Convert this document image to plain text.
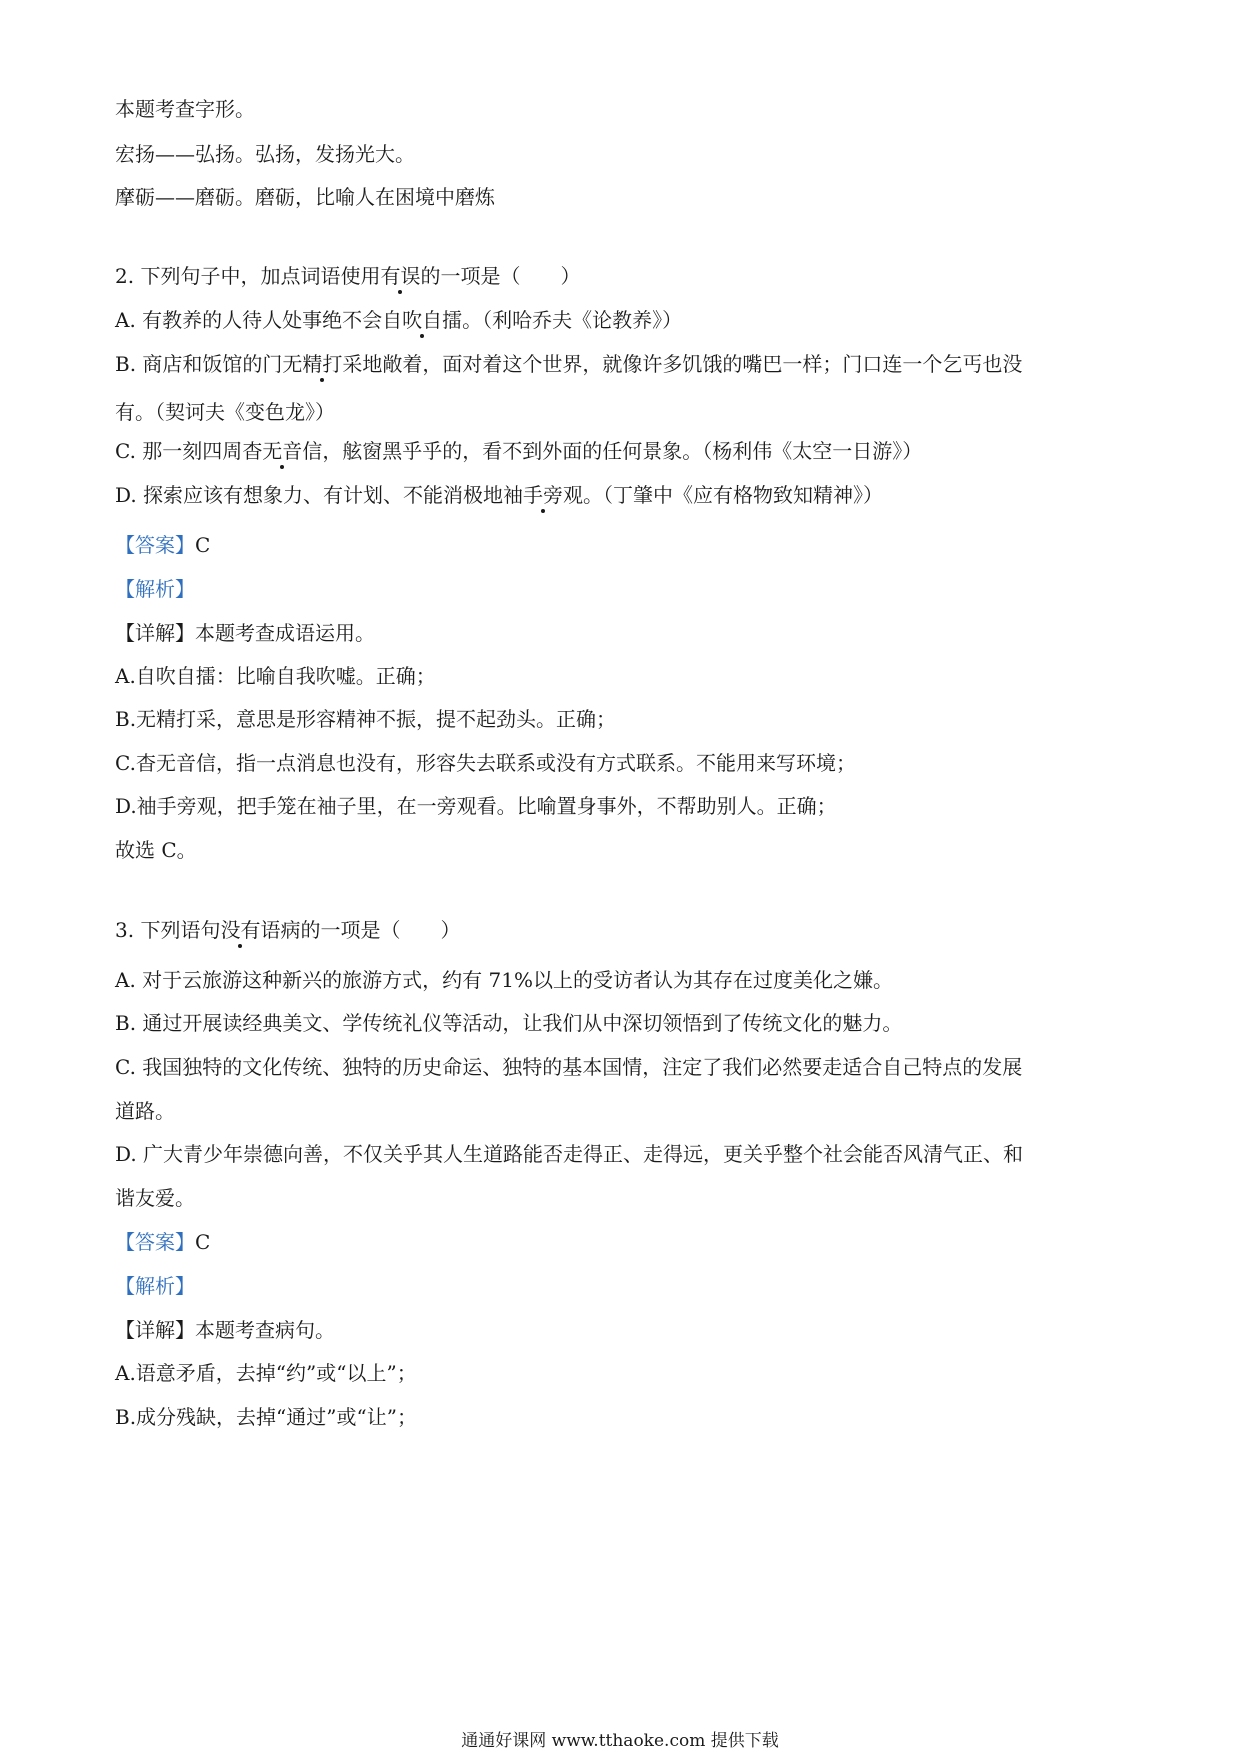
本题考查字形。
宏扬——弘扬。弘扬，发扬光大。
摩砺——磨砺。磨砺，比喻人在困境中磨炼
2. 下列句子中，加点词语使用有误的一项是（　　）
A. 有教养的人待人处事绝不会自吹自擂。（利哈乔夫《论教养》）
B. 商店和饭馆的门无精打采地敞着，面对着这个世界，就像许多饥饿的嘴巴一样；门口连一个乞丐也没
有。（契诃夫《变色龙》）
C. 那一刻四周杳无音信，舷窗黑乎乎的，看不到外面的任何景象。（杨利伟《太空一日游》）
D. 探索应该有想象力、有计划、不能消极地袖手旁观。（丁肇中《应有格物致知精神》）
【答案】C
【解析】
【详解】本题考查成语运用。
A.自吹自擂：比喻自我吹嘘。正确；
B.无精打采，意思是形容精神不振，提不起劲头。正确；
C.杳无音信，指一点消息也没有，形容失去联系或没有方式联系。不能用来写环境；
D.袖手旁观，把手笼在袖子里，在一旁观看。比喻置身事外，不帮助别人。正确；
故选 C。
3. 下列语句没有语病的一项是（　　）
A. 对于云旅游这种新兴的旅游方式，约有 71%以上的受访者认为其存在过度美化之嫌。
B. 通过开展读经典美文、学传统礼仪等活动，让我们从中深切领悟到了传统文化的魅力。
C. 我国独特的文化传统、独特的历史命运、独特的基本国情，注定了我们必然要走适合自己特点的发展
道路。
D. 广大青少年崇德向善，不仅关乎其人生道路能否走得正、走得远，更关乎整个社会能否风清气正、和
谐友爱。
【答案】C
【解析】
【详解】本题考查病句。
A.语意矛盾，去掉“约”或“以上”；
B.成分残缺，去掉“通过”或“让”；
通通好课网 www.tthaoke.com 提供下载
